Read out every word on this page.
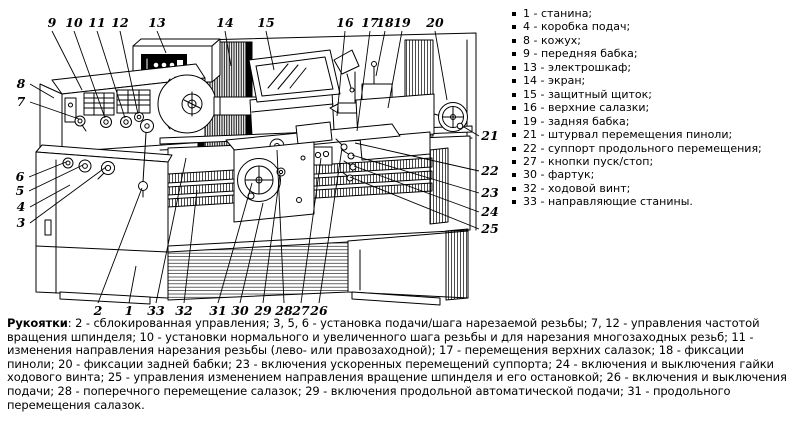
9 10 11 12 13	14 15	16 17
18 19 20
8
7
6
5
4
3
21
22
23
24
25
2 1 33 32 31 30 29 28 27 26
1 - станина;
4 - коробка подач;
8 - кожух;
9 - передняя бабка;
13 - электрошкаф;
14 - экран;
15 - защитный щиток;
16 - верхние салазки;
19 - задняя бабка;
21 - штурвал перемещения пиноли;
22 - суппорт продольного перемещения;
27 - кнопки пуск/стоп;
30 - фартук;
32 - ходовой винт;
33 - направляющие станины.
Рукоятки: 2 - сблокированная управления; 3, 5, 6 - установка подачи/шага нарезаемой резьбы; 7, 12 - управления частотой
вращения шпинделя; 10 - установки нормального и увеличенного шага резьбы и для нарезания многозаходных резьб; 11 -
изменения направления нарезания резьбы (лево- или правозаходной); 17 - перемещения верхних салазок; 18 - фиксации
пиноли; 20 - фиксации задней бабки; 23 - включения ускоренных перемещений суппорта; 24 - включения и выключения гайки
ходового винта; 25 - управления изменением направления вращение шпинделя и его остановкой; 26 - включения и выключения
подачи; 28 - поперечного перемещение салазок; 29 - включения продольной автоматической подачи; 31 - продольного
перемещения салазок.
